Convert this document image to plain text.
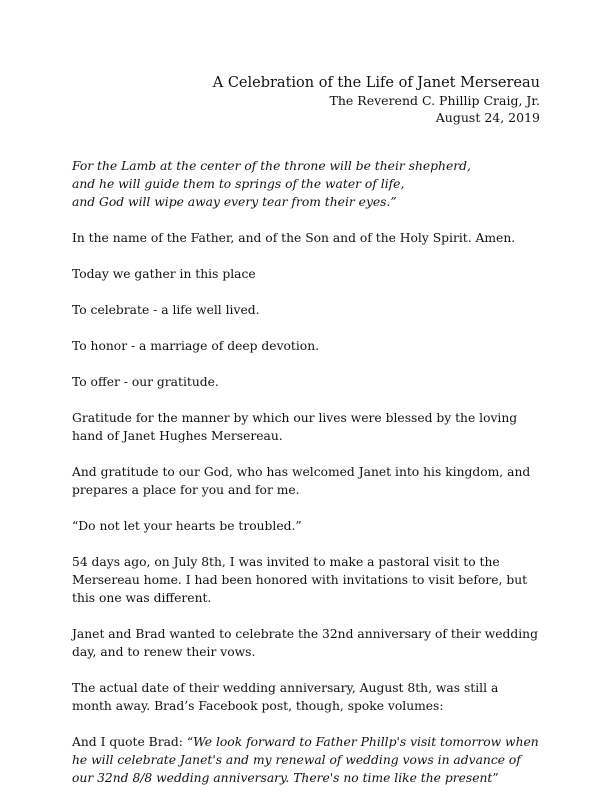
A Celebration of the Life of Janet Mersereau
The Reverend C. Phillip Craig, Jr.
August 24, 2019

For the Lamb at the center of the throne will be their shepherd,
and he will guide them to springs of the water of life,
and God will wipe away every tear from their eyes.”

In the name of the Father, and of the Son and of the Holy Spirit. Amen.

Today we gather in this place

To celebrate - a life well lived.

To honor - a marriage of deep devotion.

To offer - our gratitude.

Gratitude for the manner by which our lives were blessed by the loving hand of Janet Hughes Mersereau.

And gratitude to our God, who has welcomed Janet into his kingdom, and prepares a place for you and for me.

“Do not let your hearts be troubled.”

54 days ago, on July 8th, I was invited to make a pastoral visit to the Mersereau home. I had been honored with invitations to visit before, but this one was different.

Janet and Brad wanted to celebrate the 32nd anniversary of their wedding day, and to renew their vows.

The actual date of their wedding anniversary, August 8th, was still a month away. Brad’s Facebook post, though, spoke volumes:

And I quote Brad: “We look forward to Father Phillp's visit tomorrow when he will celebrate Janet's and my renewal of wedding vows in advance of our 32nd 8/8 wedding anniversary. There's no time like the present”
